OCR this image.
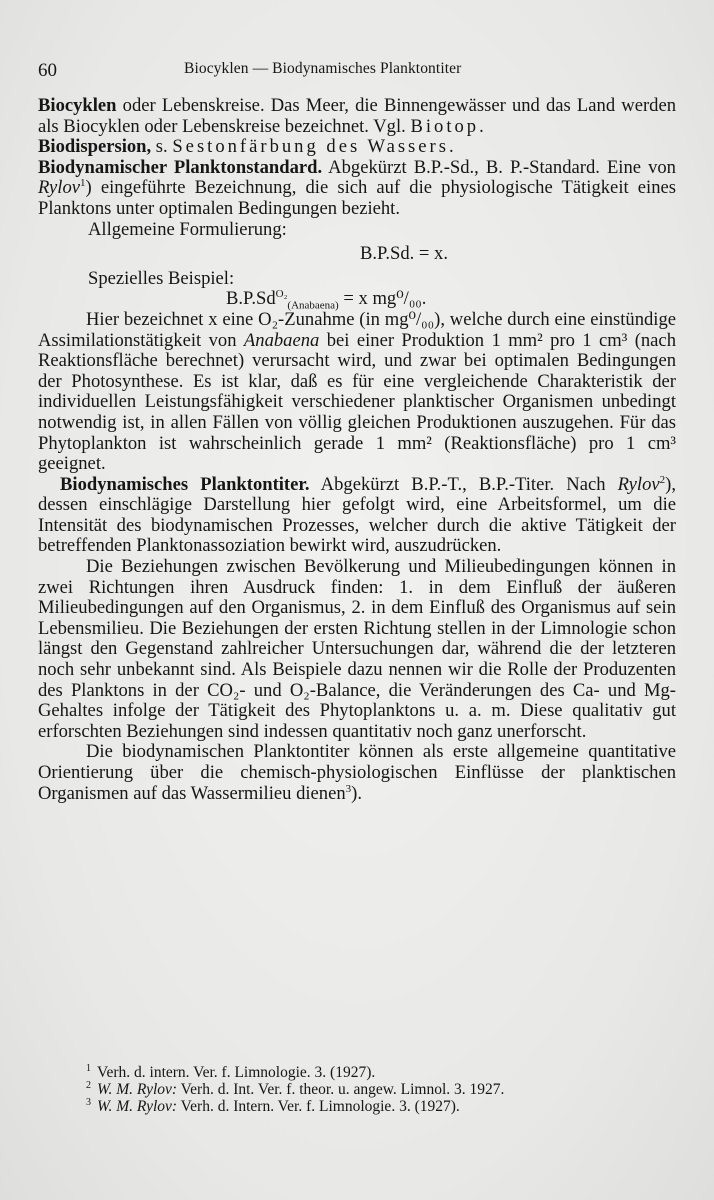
60	Biocyklen — Biodynamisches Planktontiter

Biocyklen oder Lebenskreise. Das Meer, die Binnengewässer und das Land werden als Biocyklen oder Lebenskreise bezeichnet. Vgl. Biotop.

Biodispersion, s. Sestonfärbung des Wassers.

Biodynamischer Planktonstandard. Abgekürzt B.P.-Sd., B. P.-Standard. Eine von Rylov$^1$) eingeführte Bezeichnung, die sich auf die physiologische Tätigkeit eines Planktons unter optimalen Bedingungen bezieht.

Allgemeine Formulierung:

B.P.Sd. = x.

Spezielles Beispiel:

$B.P.Sd^{O_2}_{(Anabaena)} = x$ mg⁰/₀₀.

Hier bezeichnet x eine O₂-Zunahme (in mg⁰/₀₀), welche durch eine einstündige Assimilationstätigkeit von Anabaena bei einer Produktion 1 mm² pro 1 cm³ (nach Reaktionsfläche berechnet) verursacht wird, und zwar bei optimalen Bedingungen der Photosynthese. Es ist klar, daß es für eine vergleichende Charakteristik der individuellen Leistungsfähigkeit verschiedener planktischer Organismen unbedingt notwendig ist, in allen Fällen von völlig gleichen Produktionen auszugehen. Für das Phytoplankton ist wahrscheinlich gerade 1 mm² (Reaktionsfläche) pro 1 cm³ geeignet.

Biodynamisches Planktontiter. Abgekürzt B.P.-T., B.P.-Titer. Nach Rylov$^2$), dessen einschlägige Darstellung hier gefolgt wird, eine Arbeitsformel, um die Intensität des biodynamischen Prozesses, welcher durch die aktive Tätigkeit der betreffenden Planktonassoziation bewirkt wird, auszudrücken.

Die Beziehungen zwischen Bevölkerung und Milieubedingungen können in zwei Richtungen ihren Ausdruck finden: 1. in dem Einfluß der äußeren Milieubedingungen auf den Organismus, 2. in dem Einfluß des Organismus auf sein Lebensmilieu. Die Beziehungen der ersten Richtung stellen in der Limnologie schon längst den Gegenstand zahlreicher Untersuchungen dar, während die der letzteren noch sehr unbekannt sind. Als Beispiele dazu nennen wir die Rolle der Produzenten des Planktons in der CO₂- und O₂-Balance, die Veränderungen des Ca- und Mg-Gehaltes infolge der Tätigkeit des Phytoplanktons u. a. m. Diese qualitativ gut erforschten Beziehungen sind indessen quantitativ noch ganz unerforscht.

Die biodynamischen Planktontiter können als erste allgemeine quantitative Orientierung über die chemisch-physiologischen Einflüsse der planktischen Organismen auf das Wassermilieu dienen$^3$).

$^1$ Verh. d. intern. Ver. f. Limnologie. 3. (1927).
$^2$ W. M. Rylov: Verh. d. Int. Ver. f. theor. u. angew. Limnol. 3. 1927.
$^3$ W. M. Rylov: Verh. d. Intern. Ver. f. Limnologie. 3. (1927).
